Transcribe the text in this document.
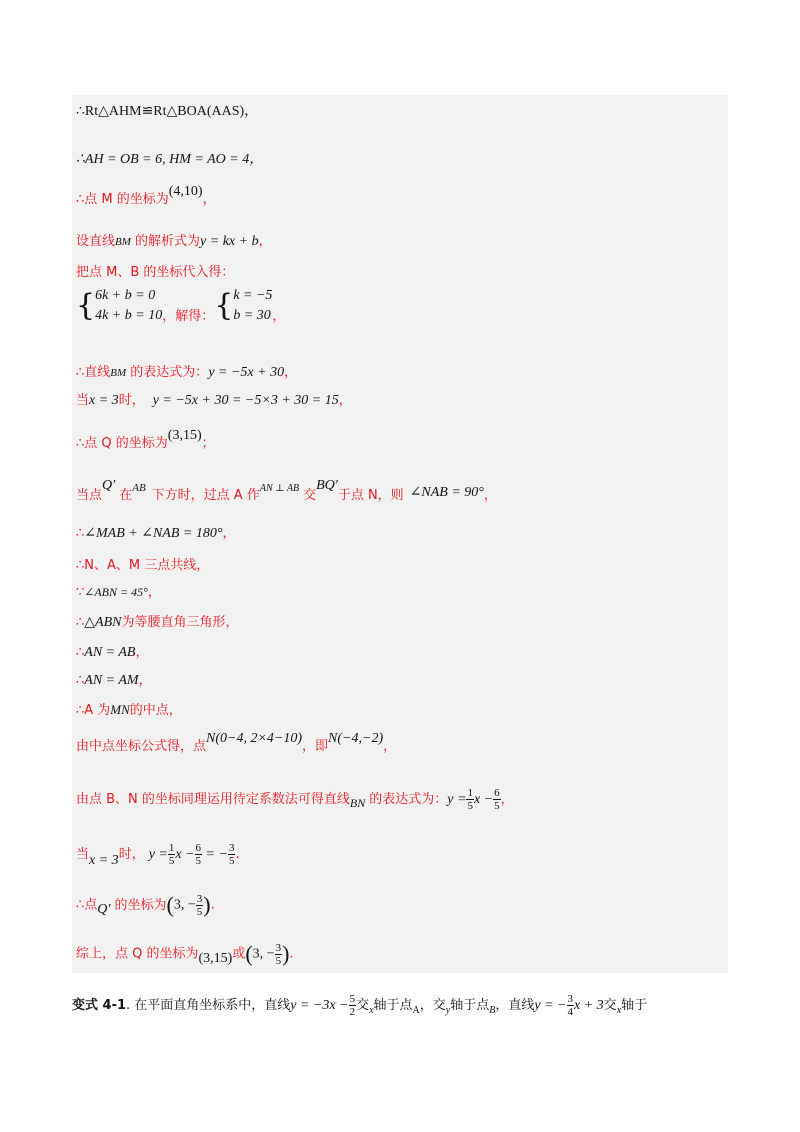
∴Rt△AHM≌Rt△BOA(AAS)，
∴AH = OB = 6, HM = AO = 4，
∴点 M 的坐标为(4,10)，
设直线BM 的解析式为y = kx + b，
把点 M、B 的坐标代入得：
{ 6k + b = 0
4k + b = 10 ，解得：{ k = −5
b = 30 ，
∴直线BM 的表达式为：y = −5x + 30，
当x = 3时， y = −5x + 30 = −5×3 + 30 = 15，
∴点 Q 的坐标为(3,15)；
当点Q′在$^{AB}$ 下方时，过点 A 作$^{AN \perp AB}$ 交BQ′于点 N，则 ∠NAB = 90°，
∴∠MAB + ∠NAB = 180°，
∴N、A、M 三点共线，
∵∠ABN = 45°，
∴△ABN为等腰直角三角形，
∴AN = AB，
∴AN = AM，
∴A 为MN的中点，
由中点坐标公式得，点N(0−4, 2×4−10)，即N(−4,−2)，
由点 B、N 的坐标同理运用待定系数法可得直线BN 的表达式为：$y = \frac{1}{5}$ $x - \frac{6}{5}$ ，
当x = 3时， $y = \frac{1}{5}$ $x - \frac{6}{5}$ = − $\frac{3}{5}$ .
∴点Q′ 的坐标为(3, − $\frac{3}{5}$ ).
综上，点 Q 的坐标为(3,15)或(3, − $\frac{3}{5}$ ).
变式 4-1. 在平面直角坐标系中，直线$y = -3x - \frac{5}{2}$ 交$_x$轴于点$_A$，交$_y$轴于点$_B$，直线y = − $\frac{3}{4}$ x + 3交$_x$轴于
